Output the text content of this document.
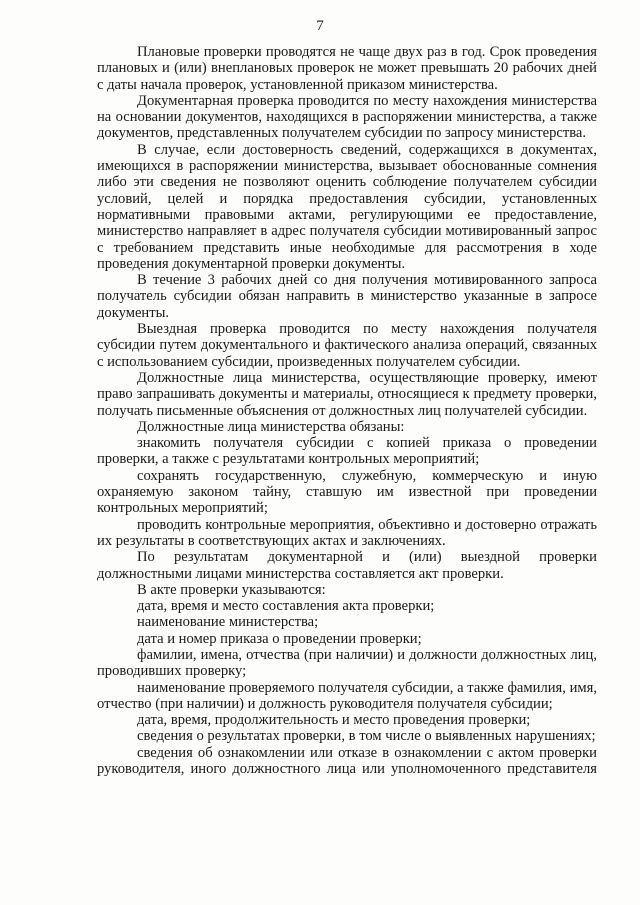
7

Плановые проверки проводятся не чаще двух раз в год. Срок проведения плановых и (или) внеплановых проверок не может превышать 20 рабочих дней с даты начала проверок, установленной приказом министерства.

Документарная проверка проводится по месту нахождения министерства на основании документов, находящихся в распоряжении министерства, а также документов, представленных получателем субсидии по запросу министерства.

В случае, если достоверность сведений, содержащихся в документах, имеющихся в распоряжении министерства, вызывает обоснованные сомнения либо эти сведения не позволяют оценить соблюдение получателем субсидии условий, целей и порядка предоставления субсидии, установленных нормативными правовыми актами, регулирующими ее предоставление, министерство направляет в адрес получателя субсидии мотивированный запрос с требованием представить иные необходимые для рассмотрения в ходе проведения документарной проверки документы.

В течение 3 рабочих дней со дня получения мотивированного запроса получатель субсидии обязан направить в министерство указанные в запросе документы.

Выездная проверка проводится по месту нахождения получателя субсидии путем документального и фактического анализа операций, связанных с использованием субсидии, произведенных получателем субсидии.

Должностные лица министерства, осуществляющие проверку, имеют право запрашивать документы и материалы, относящиеся к предмету проверки, получать письменные объяснения от должностных лиц получателей субсидии.

Должностные лица министерства обязаны:

знакомить получателя субсидии с копией приказа о проведении проверки, а также с результатами контрольных мероприятий;

сохранять государственную, служебную, коммерческую и иную охраняемую законом тайну, ставшую им известной при проведении контрольных мероприятий;

проводить контрольные мероприятия, объективно и достоверно отражать их результаты в соответствующих актах и заключениях.

По результатам документарной и (или) выездной проверки должностными лицами министерства составляется акт проверки.

В акте проверки указываются:

дата, время и место составления акта проверки;

наименование министерства;

дата и номер приказа о проведении проверки;

фамилии, имена, отчества (при наличии) и должности должностных лиц, проводивших проверку;

наименование проверяемого получателя субсидии, а также фамилия, имя, отчество (при наличии) и должность руководителя получателя субсидии;

дата, время, продолжительность и место проведения проверки;

сведения о результатах проверки, в том числе о выявленных нарушениях;

сведения об ознакомлении или отказе в ознакомлении с актом проверки руководителя, иного должностного лица или уполномоченного представителя
